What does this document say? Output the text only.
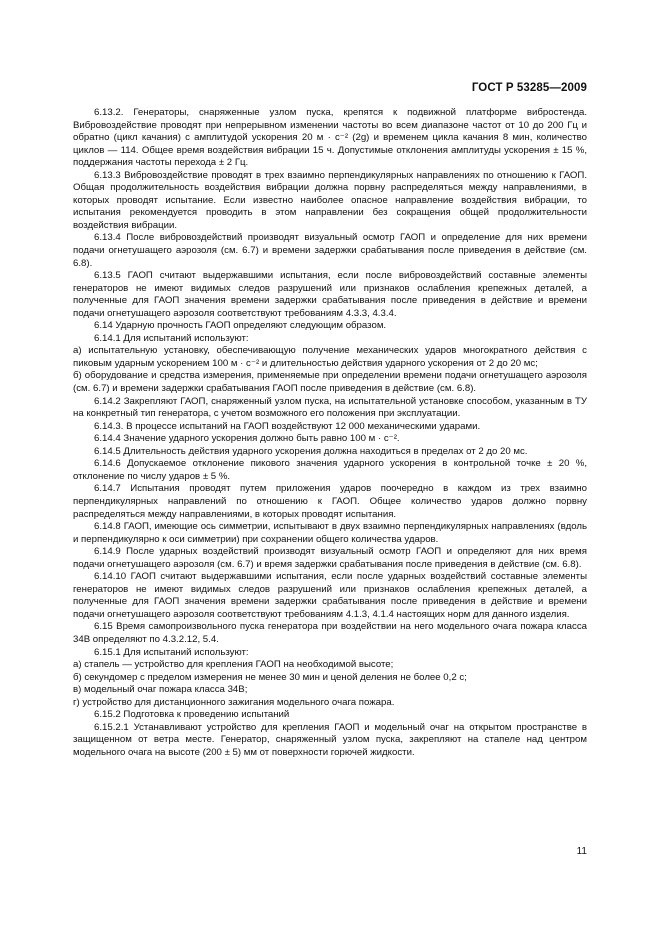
ГОСТ Р 53285—2009

6.13.2. Генераторы, снаряженные узлом пуска, крепятся к подвижной платформе вибростенда. Вибровоздействие проводят при непрерывном изменении частоты во всем диапазоне частот от 10 до 200 Гц и обратно (цикл качания) с амплитудой ускорения 20 м · с⁻² (2g) и временем цикла качания 8 мин, количество циклов — 114. Общее время воздействия вибрации 15 ч. Допустимые отклонения амплитуды ускорения ± 15 %, поддержания частоты перехода ± 2 Гц.

6.13.3 Вибровоздействие проводят в трех взаимно перпендикулярных направлениях по отношению к ГАОП. Общая продолжительность воздействия вибрации должна порвну распределяться между направлениями, в которых проводят испытание. Если известно наиболее опасное направление воздействия вибрации, то испытания рекомендуется проводить в этом направлении без сокращения общей продолжительности воздействия вибрации.

6.13.4 После вибровоздействий производят визуальный осмотр ГАОП и определение для них времени подачи огнетушащего аэрозоля (см. 6.7) и времени задержки срабатывания после приведения в действие (см. 6.8).

6.13.5 ГАОП считают выдержавшими испытания, если после вибровоздействий составные элементы генераторов не имеют видимых следов разрушений или признаков ослабления крепежных деталей, а полученные для ГАОП значения времени задержки срабатывания после приведения в действие и времени подачи огнетушащего аэрозоля соответствуют требованиям 4.3.3, 4.3.4.

6.14 Ударную прочность ГАОП определяют следующим образом.

6.14.1 Для испытаний используют:

а) испытательную установку, обеспечивающую получение механических ударов многократного действия с пиковым ударным ускорением 100 м · с⁻² и длительностью действия ударного ускорения от 2 до 20 мс;

б) оборудование и средства измерения, применяемые при определении времени подачи огнетушащего аэрозоля (см. 6.7) и времени задержки срабатывания ГАОП после приведения в действие (см. 6.8).

6.14.2 Закрепляют ГАОП, снаряженный узлом пуска, на испытательной установке способом, указанным в ТУ на конкретный тип генератора, с учетом возможного его положения при эксплуатации.

6.14.3. В процессе испытаний на ГАОП воздействуют 12 000 механическими ударами.

6.14.4 Значение ударного ускорения должно быть равно 100 м · с⁻².

6.14.5 Длительность действия ударного ускорения должна находиться в пределах от 2 до 20 мс.

6.14.6 Допускаемое отклонение пикового значения ударного ускорения в контрольной точке ± 20 %, отклонение по числу ударов ± 5 %.

6.14.7 Испытания проводят путем приложения ударов поочередно в каждом из трех взаимно перпендикулярных направлений по отношению к ГАОП. Общее количество ударов должно порвну распределяться между направлениями, в которых проводят испытания.

6.14.8 ГАОП, имеющие ось симметрии, испытывают в двух взаимно перпендикулярных направлениях (вдоль и перпендикулярно к оси симметрии) при сохранении общего количества ударов.

6.14.9 После ударных воздействий производят визуальный осмотр ГАОП и определяют для них время подачи огнетушащего аэрозоля (см. 6.7) и время задержки срабатывания после приведения в действие (см. 6.8).

6.14.10 ГАОП считают выдержавшими испытания, если после ударных воздействий составные элементы генераторов не имеют видимых следов разрушений или признаков ослабления крепежных деталей, а полученные для ГАОП значения времени задержки срабатывания после приведения в действие и времени подачи огнетушащего аэрозоля соответствуют требованиям 4.1.3, 4.1.4 настоящих норм для данного изделия.

6.15 Время самопроизвольного пуска генератора при воздействии на него модельного очага пожара класса 34В определяют по 4.3.2.12, 5.4.

6.15.1 Для испытаний используют:

а) стапель — устройство для крепления ГАОП на необходимой высоте;

б) секундомер с пределом измерения не менее 30 мин и ценой деления не более 0,2 с;

в) модельный очаг пожара класса 34В;

г) устройство для дистанционного зажигания модельного очага пожара.

6.15.2 Подготовка к проведению испытаний

6.15.2.1 Устанавливают устройство для крепления ГАОП и модельный очаг на открытом пространстве в защищенном от ветра месте. Генератор, снаряженный узлом пуска, закрепляют на стапеле над центром модельного очага на высоте (200 ± 5) мм от поверхности горючей жидкости.

11
